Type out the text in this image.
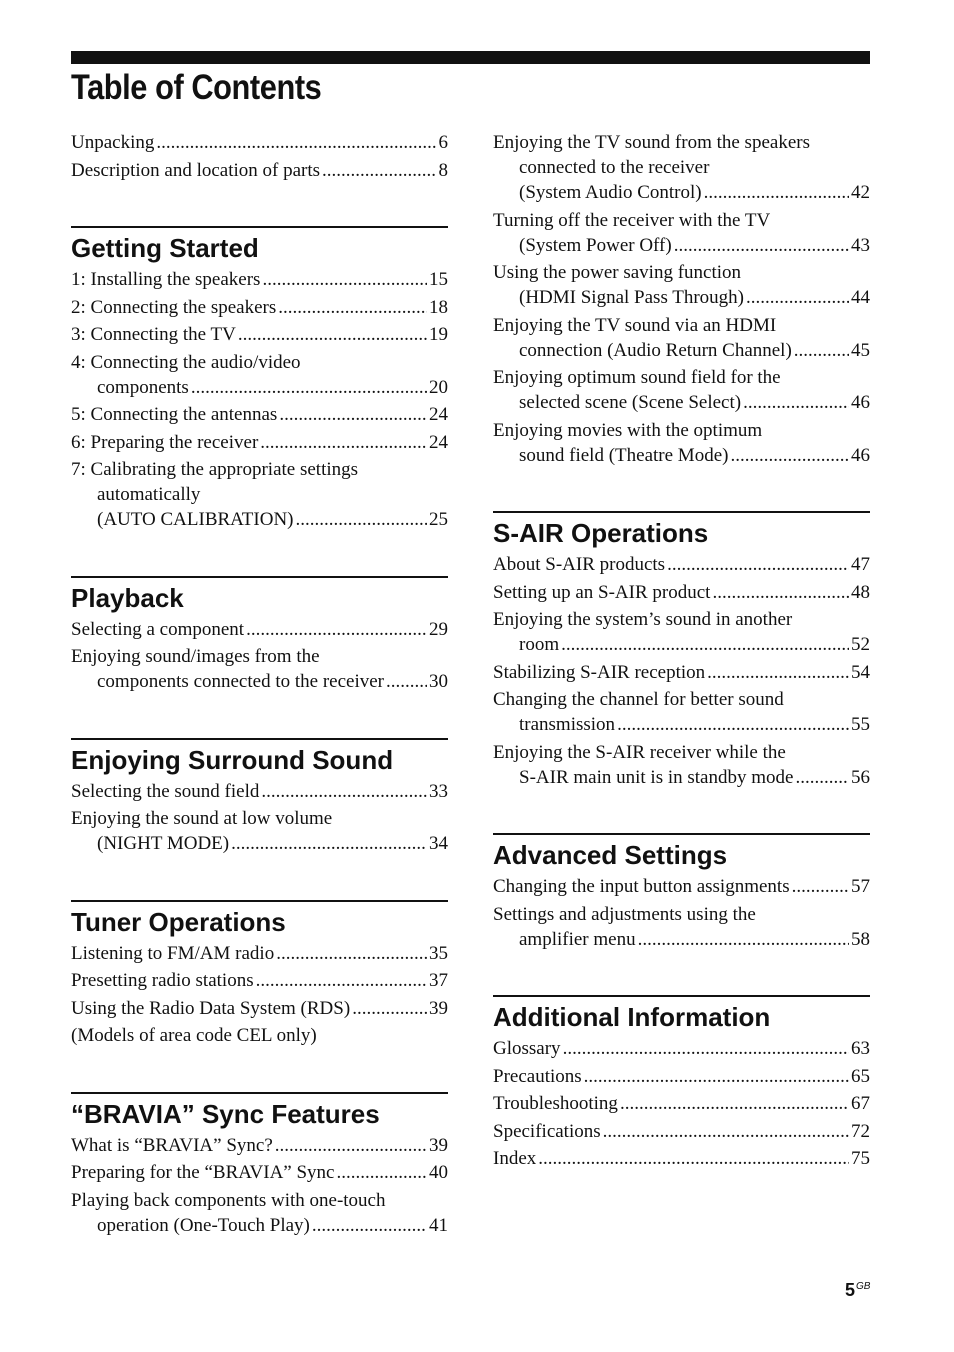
Table of Contents
Unpacking .....	6
Description and location of parts .....	8
Getting Started
1: Installing the speakers .....	15
2: Connecting the speakers .....	18
3: Connecting the TV .....	19
4: Connecting the audio/video
components .....	20
5: Connecting the antennas .....	24
6: Preparing the receiver .....	24
7: Calibrating the appropriate settings
automatically
(AUTO CALIBRATION) .....	25
Playback
Selecting a component .....	29
Enjoying sound/images from the
components connected to the receiver ..... 30
Enjoying Surround Sound
Selecting the sound field .....	33
Enjoying the sound at low volume
(NIGHT MODE) .....	34
Tuner Operations
Listening to FM/AM radio .....	35
Presetting radio stations .....	37
Using the Radio Data System (RDS) .....	39
(Models of area code CEL only)
“BRAVIA” Sync Features
What is “BRAVIA” Sync? .....	39
Preparing for the “BRAVIA” Sync .....	40
Playing back components with one-touch
operation (One-Touch Play) .....	41
Enjoying the TV sound from the speakers
connected to the receiver
(System Audio Control) .....	42
Turning off the receiver with the TV
(System Power Off) .....	43
Using the power saving function
(HDMI Signal Pass Through) .....	44
Enjoying the TV sound via an HDMI
connection (Audio Return Channel) .....	45
Enjoying optimum sound field for the
selected scene (Scene Select) .....	46
Enjoying movies with the optimum
sound field (Theatre Mode) .....	46
S-AIR Operations
About S-AIR products .....	47
Setting up an S-AIR product .....	48
Enjoying the system’s sound in another
room .....	52
Stabilizing S-AIR reception .....	54
Changing the channel for better sound
transmission .....	55
Enjoying the S-AIR receiver while the
S-AIR main unit is in standby mode .....	56
Advanced Settings
Changing the input button assignments .....	57
Settings and adjustments using the
amplifier menu .....	58
Additional Information
Glossary .....	63
Precautions .....	65
Troubleshooting .....	67
Specifications .....	72
Index .....	75
$5^{GB}$
